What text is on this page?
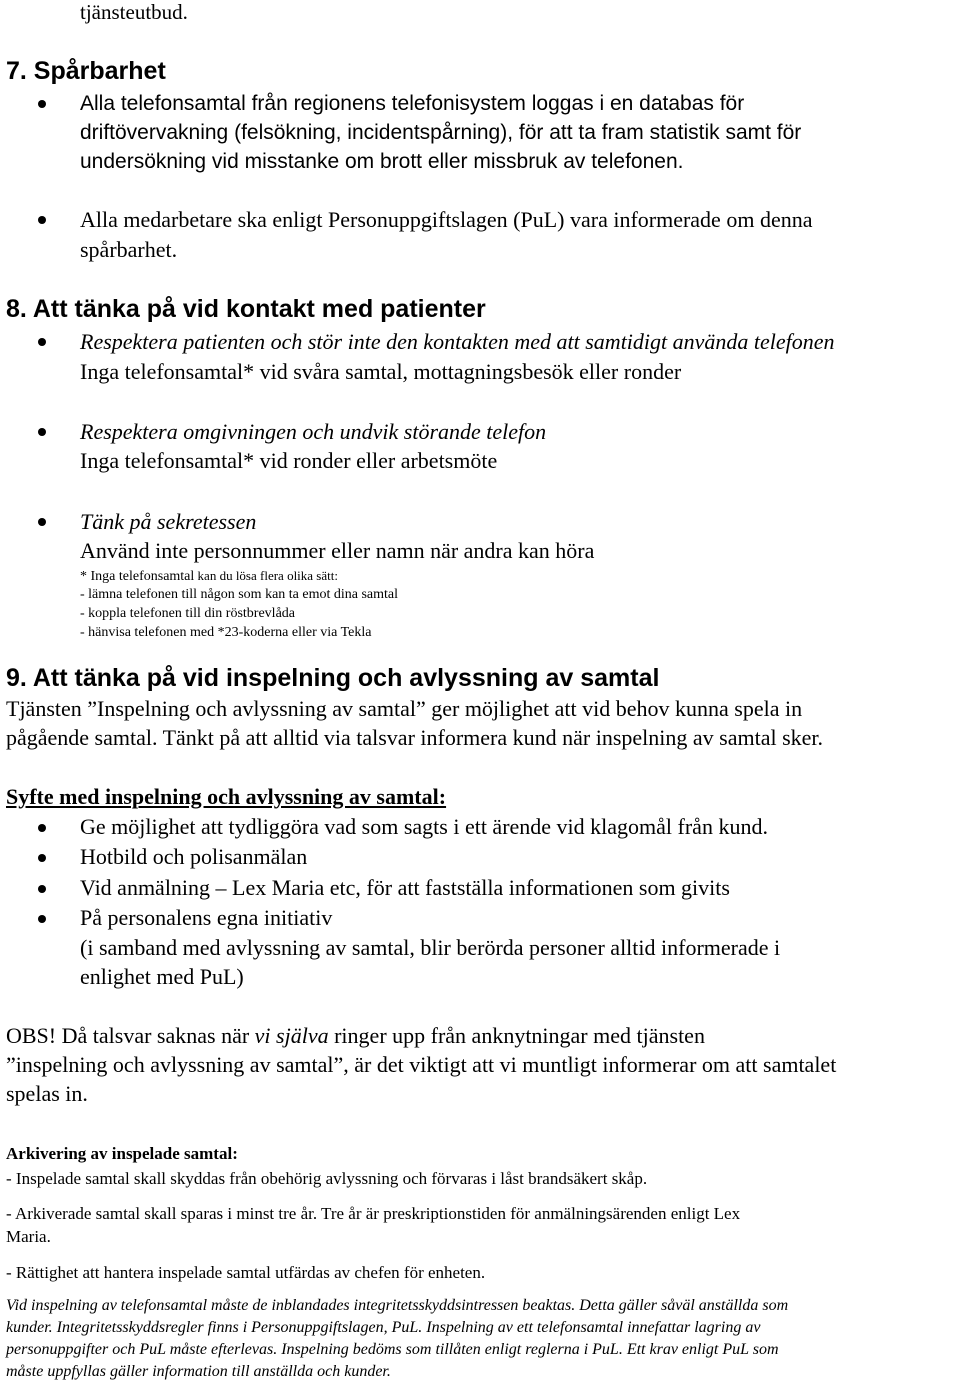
tjänsteutbud.

7. Spårbarhet

Alla telefonsamtal från regionens telefonisystem loggas i en databas för

driftövervakning (felsökning, incidentspårning), för att ta fram statistik samt för

undersökning vid misstanke om brott eller missbruk av telefonen.

Alla medarbetare ska enligt Personuppgiftslagen (PuL) vara informerade om denna

spårbarhet.

8. Att tänka på vid kontakt med patienter

Respektera patienten och stör inte den kontakten med att samtidigt använda telefonen

Inga telefonsamtal* vid svåra samtal, mottagningsbesök eller ronder

Respektera omgivningen och undvik störande telefon

Inga telefonsamtal* vid ronder eller arbetsmöte

Tänk på sekretessen

Använd inte personnummer eller namn när andra kan höra

* Inga telefonsamtal kan du lösa flera olika sätt:

- lämna telefonen till någon som kan ta emot dina samtal

- koppla telefonen till din röstbrevlåda

- hänvisa telefonen med *23-koderna eller via Tekla

9. Att tänka på vid inspelning och avlyssning av samtal

Tjänsten ”Inspelning och avlyssning av samtal” ger möjlighet att vid behov kunna spela in

pågående samtal. Tänkt på att alltid via talsvar informera kund när inspelning av samtal sker.

Syfte med inspelning och avlyssning av samtal:

Ge möjlighet att tydliggöra vad som sagts i ett ärende vid klagomål från kund.

Hotbild och polisanmälan

Vid anmälning – Lex Maria etc, för att fastställa informationen som givits

På personalens egna initiativ

(i samband med avlyssning av samtal, blir berörda personer alltid informerade i

enlighet med PuL)

OBS! Då talsvar saknas när vi själva ringer upp från anknytningar med tjänsten

”inspelning och avlyssning av samtal”, är det viktigt att vi muntligt informerar om att samtalet

spelas in.

Arkivering av inspelade samtal:

- Inspelade samtal skall skyddas från obehörig avlyssning och förvaras i låst brandsäkert skåp.

- Arkiverade samtal skall sparas i minst tre år. Tre år är preskriptionstiden för anmälningsärenden enligt Lex

Maria.

- Rättighet att hantera inspelade samtal utfärdas av chefen för enheten.

Vid inspelning av telefonsamtal måste de inblandades integritetsskyddsintressen beaktas. Detta gäller såväl anställda som

kunder. Integritetsskyddsregler finns i Personuppgiftslagen, PuL. Inspelning av ett telefonsamtal innefattar lagring av

personuppgifter och PuL måste efterlevas. Inspelning bedöms som tillåten enligt reglerna i PuL. Ett krav enligt PuL som

måste uppfyllas gäller information till anställda och kunder.
